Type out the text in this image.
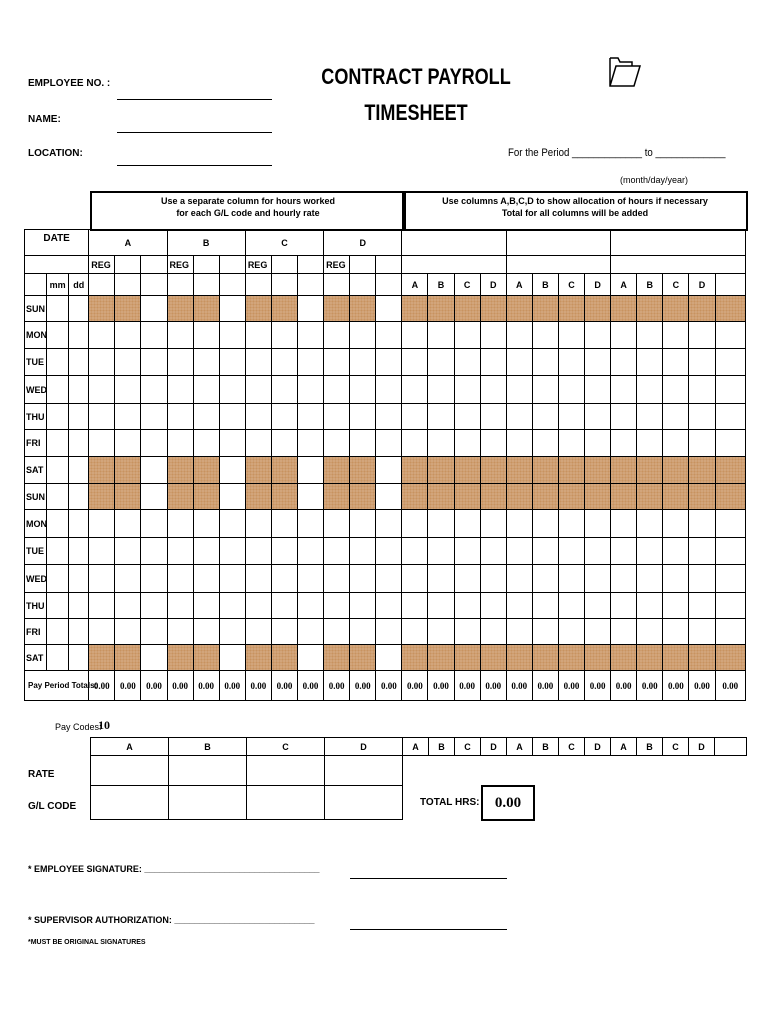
EMPLOYEE NO. :
NAME:
LOCATION:
CONTRACT PAYROLL
TIMESHEET
For the Period _____________ to _____________
(month/day/year)
Use a separate column for hours worked
for each G/L code and hourly rate
Use columns A,B,C,D to show allocation of hours if necessary
Total for all columns will be added
DATE			A			B			C			D															
			REG			REG			REG			REG															
	mm	dd													A	B	C	D	A	B	C	D	A	B	C	D	
SUN																											
MON																											
TUE																											
WED																											
THU																											
FRI																											
SAT																											
SUN																											
MON																											
TUE																											
WED																											
THU																											
FRI																											
SAT																											
Pay Period Totals:			0.00	0.00	0.00	0.00	0.00	0.00	0.00	0.00	0.00	0.00	0.00	0.00	0.00	0.00	0.00	0.00	0.00	0.00	0.00	0.00	0.00	0.00	0.00	0.00	0.00
Pay Codes:
10
A	B	C	D	A	B	C	D	A	B	C	D	A	B	C	D	

RATE
G/L CODE	TOTAL HRS:	0.00
* EMPLOYEE SIGNATURE: ___________________________________
* SUPERVISOR AUTHORIZATION: ____________________________
*MUST BE ORIGINAL SIGNATURES
